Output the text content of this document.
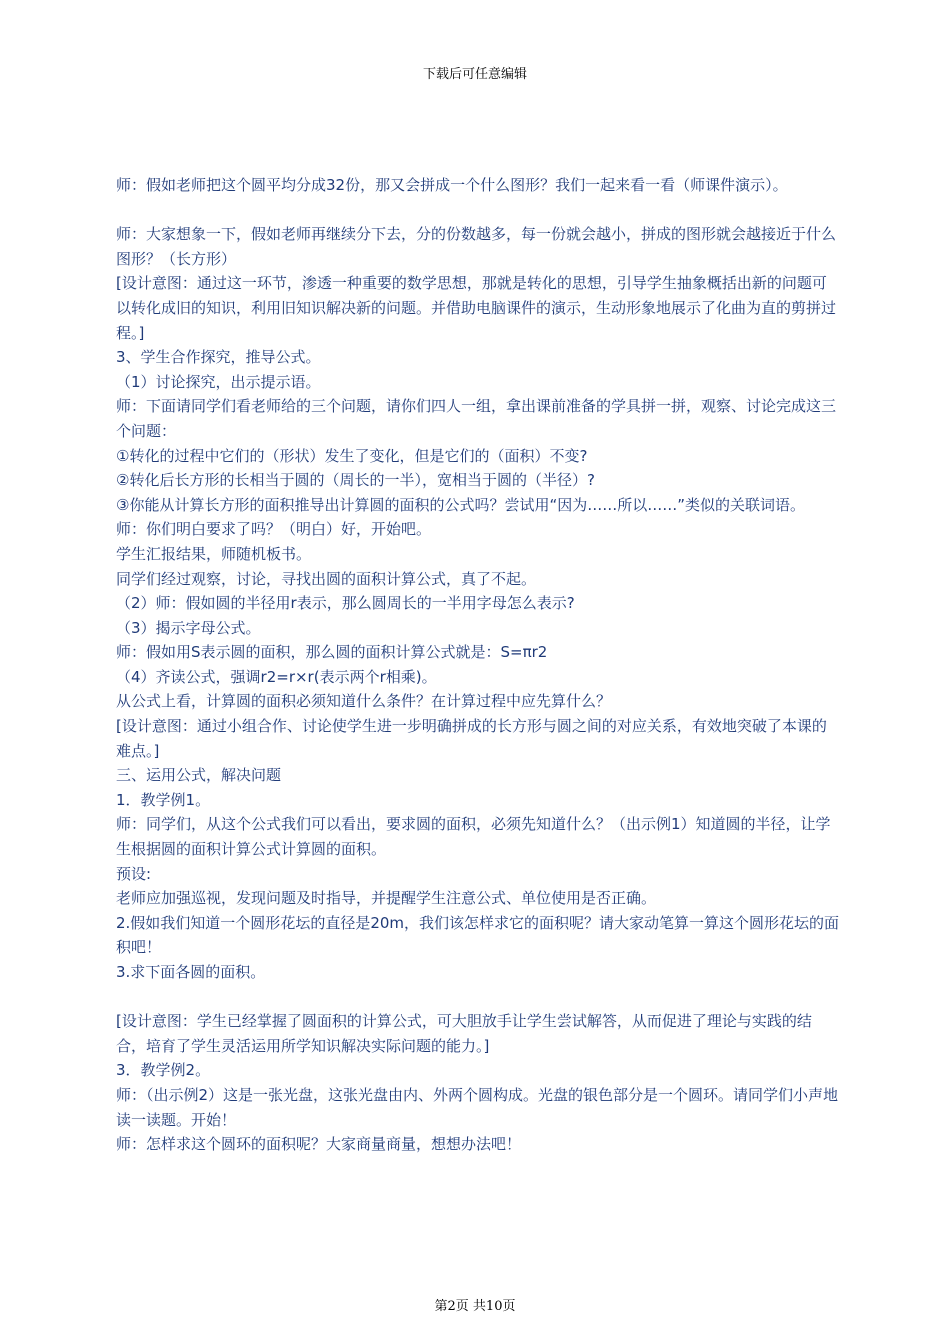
下载后可任意编辑

师：假如老师把这个圆平均分成32份，那又会拼成一个什么图形？我们一起来看一看（师课件演示）。

师：大家想象一下，假如老师再继续分下去，分的份数越多，每一份就会越小，拼成的图形就会越接近于什么图形？（长方形）

[设计意图：通过这一环节，渗透一种重要的数学思想，那就是转化的思想，引导学生抽象概括出新的问题可以转化成旧的知识，利用旧知识解决新的问题。并借助电脑课件的演示，生动形象地展示了化曲为直的剪拼过程。]

3、学生合作探究，推导公式。

（1）讨论探究，出示提示语。

师：下面请同学们看老师给的三个问题，请你们四人一组，拿出课前准备的学具拼一拼，观察、讨论完成这三个问题：

①转化的过程中它们的（形状）发生了变化，但是它们的（面积）不变?

②转化后长方形的长相当于圆的（周长的一半），宽相当于圆的（半径）?

③你能从计算长方形的面积推导出计算圆的面积的公式吗？尝试用“因为……所以……”类似的关联词语。

师：你们明白要求了吗？（明白）好，开始吧。

学生汇报结果，师随机板书。

同学们经过观察，讨论，寻找出圆的面积计算公式，真了不起。

（2）师：假如圆的半径用r表示，那么圆周长的一半用字母怎么表示?

（3）揭示字母公式。

师：假如用S表示圆的面积，那么圆的面积计算公式就是：S=πr2

（4）齐读公式，强调r2=r×r(表示两个r相乘)。

从公式上看，计算圆的面积必须知道什么条件？在计算过程中应先算什么？

[设计意图：通过小组合作、讨论使学生进一步明确拼成的长方形与圆之间的对应关系，有效地突破了本课的难点。]

三、运用公式，解决问题

1．教学例1。

师：同学们，从这个公式我们可以看出，要求圆的面积，必须先知道什么？（出示例1）知道圆的半径，让学生根据圆的面积计算公式计算圆的面积。

预设:

老师应加强巡视，发现问题及时指导，并提醒学生注意公式、单位使用是否正确。

2.假如我们知道一个圆形花坛的直径是20m，我们该怎样求它的面积呢？请大家动笔算一算这个圆形花坛的面积吧！

3.求下面各圆的面积。

[设计意图：学生已经掌握了圆面积的计算公式，可大胆放手让学生尝试解答，从而促进了理论与实践的结合，培育了学生灵活运用所学知识解决实际问题的能力。]

3．教学例2。

师：（出示例2）这是一张光盘，这张光盘由内、外两个圆构成。光盘的银色部分是一个圆环。请同学们小声地读一读题。开始！

师：怎样求这个圆环的面积呢？大家商量商量，想想办法吧！

第2页 共10页
